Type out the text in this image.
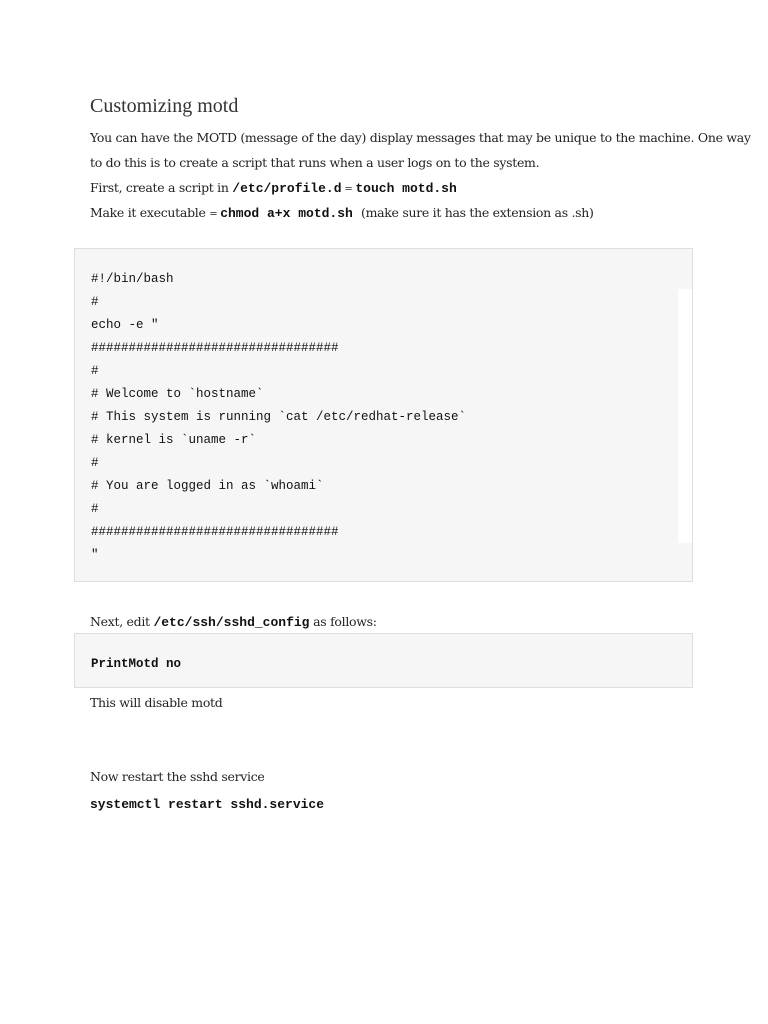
Customizing motd
You can have the MOTD (message of the day) display messages that may be unique to the machine. One way
to do this is to create a script that runs when a user logs on to the system.
First, create a script in /etc/profile.d = touch motd.sh
Make it executable = chmod a+x motd.sh (make sure it has the extension as .sh)
#!/bin/bash
#
echo -e "
#################################
#
# Welcome to `hostname`
# This system is running `cat /etc/redhat-release`
# kernel is `uname -r`
#
# You are logged in as `whoami`
#
#################################
"
Next, edit /etc/ssh/sshd_config as follows:
PrintMotd no
This will disable motd
Now restart the sshd service
systemctl restart sshd.service
